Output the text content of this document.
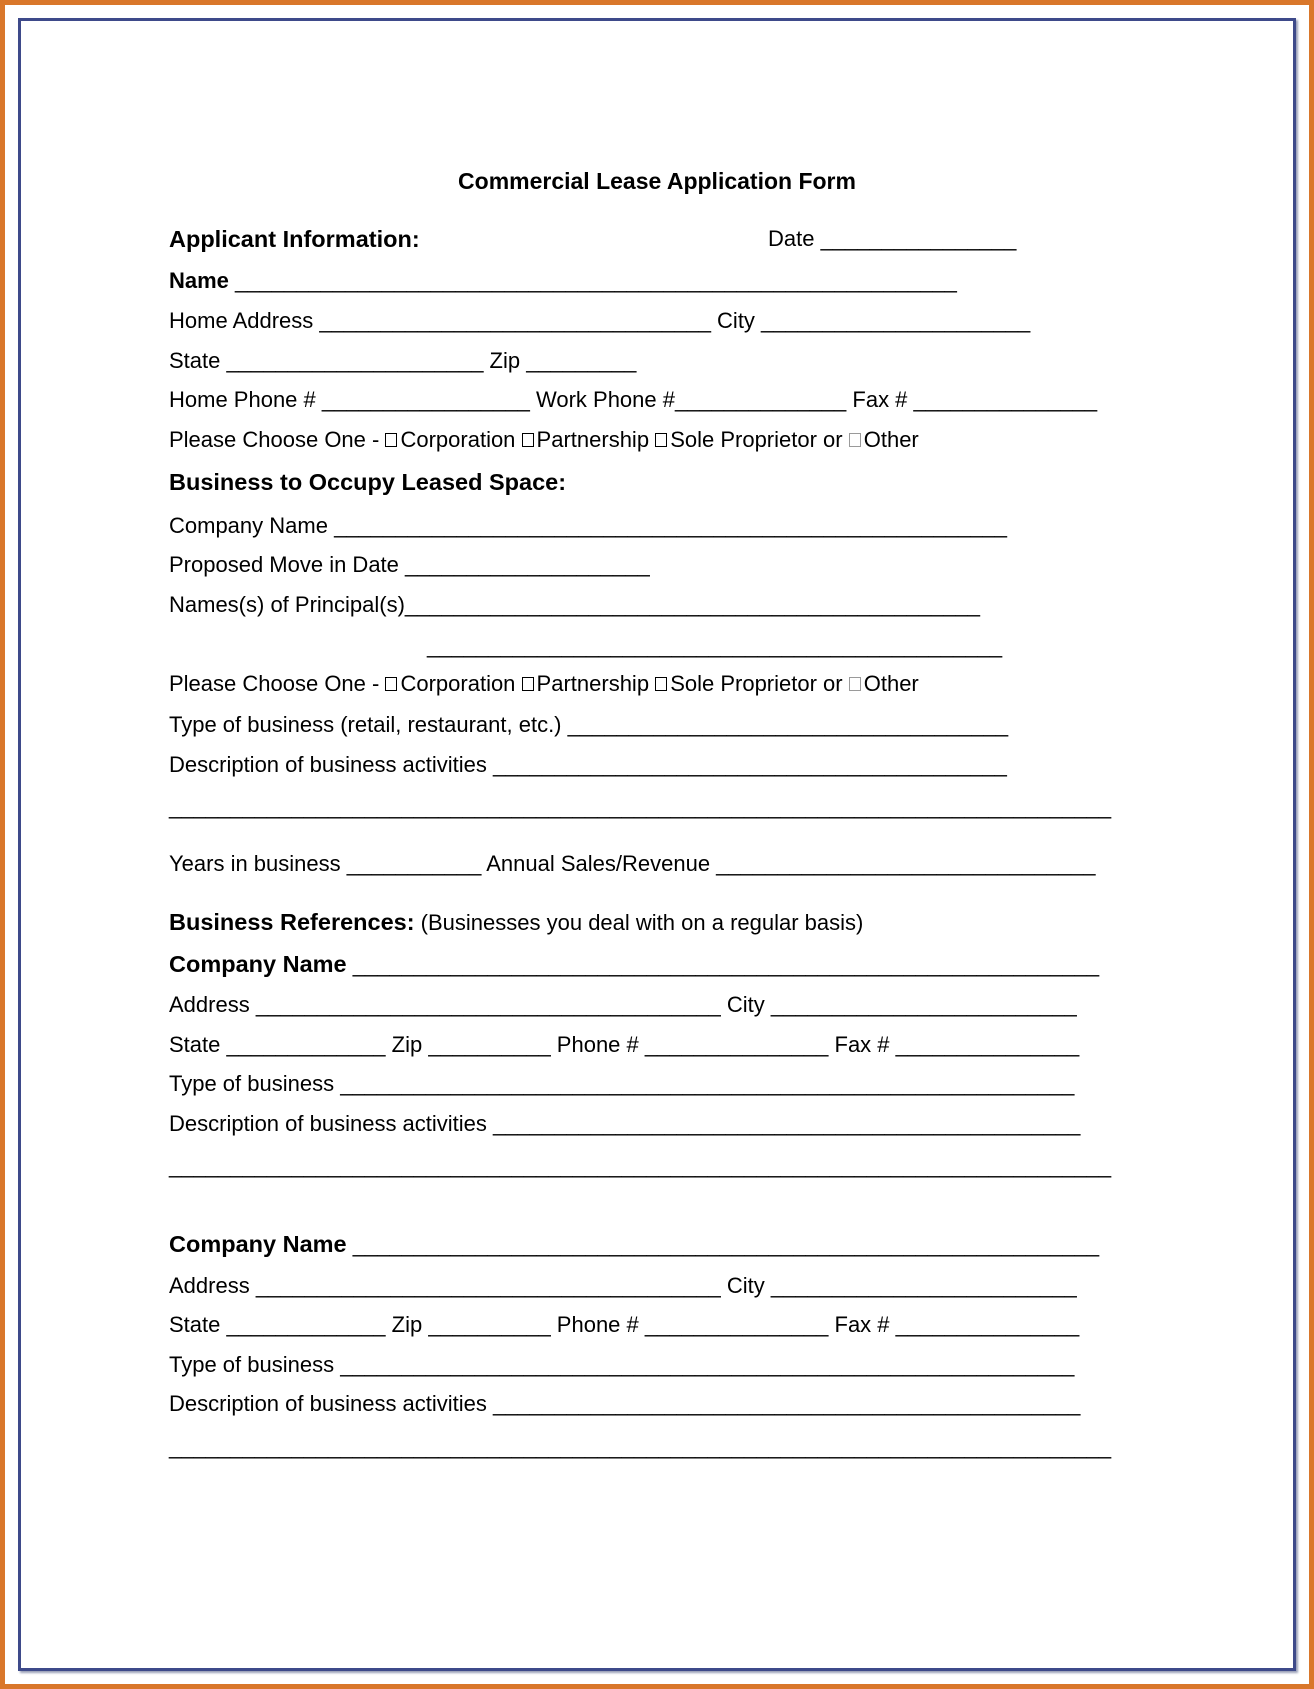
Commercial Lease Application Form
Applicant Information:	Date ________________
Name ___________________________________________________________
Home Address ________________________________ City ______________________
State _____________________ Zip _________
Home Phone # _________________ Work Phone #______________ Fax # _______________
Please Choose One - Corporation Partnership Sole Proprietor or Other
Business to Occupy Leased Space:
Company Name _______________________________________________________
Proposed Move in Date ____________________
Names(s) of Principal(s)_______________________________________________
_______________________________________________
Please Choose One - Corporation Partnership Sole Proprietor or Other
Type of business (retail, restaurant, etc.) ____________________________________
Description of business activities __________________________________________
_____________________________________________________________________________
Years in business ___________ Annual Sales/Revenue _______________________________
Business References: (Businesses you deal with on a regular basis)
Company Name _____________________________________________________________
Address ______________________________________ City _________________________
State _____________ Zip __________ Phone # _______________ Fax # _______________
Type of business ____________________________________________________________
Description of business activities ________________________________________________
_____________________________________________________________________________
Company Name _____________________________________________________________
Address ______________________________________ City _________________________
State _____________ Zip __________ Phone # _______________ Fax # _______________
Type of business ____________________________________________________________
Description of business activities ________________________________________________
_____________________________________________________________________________
